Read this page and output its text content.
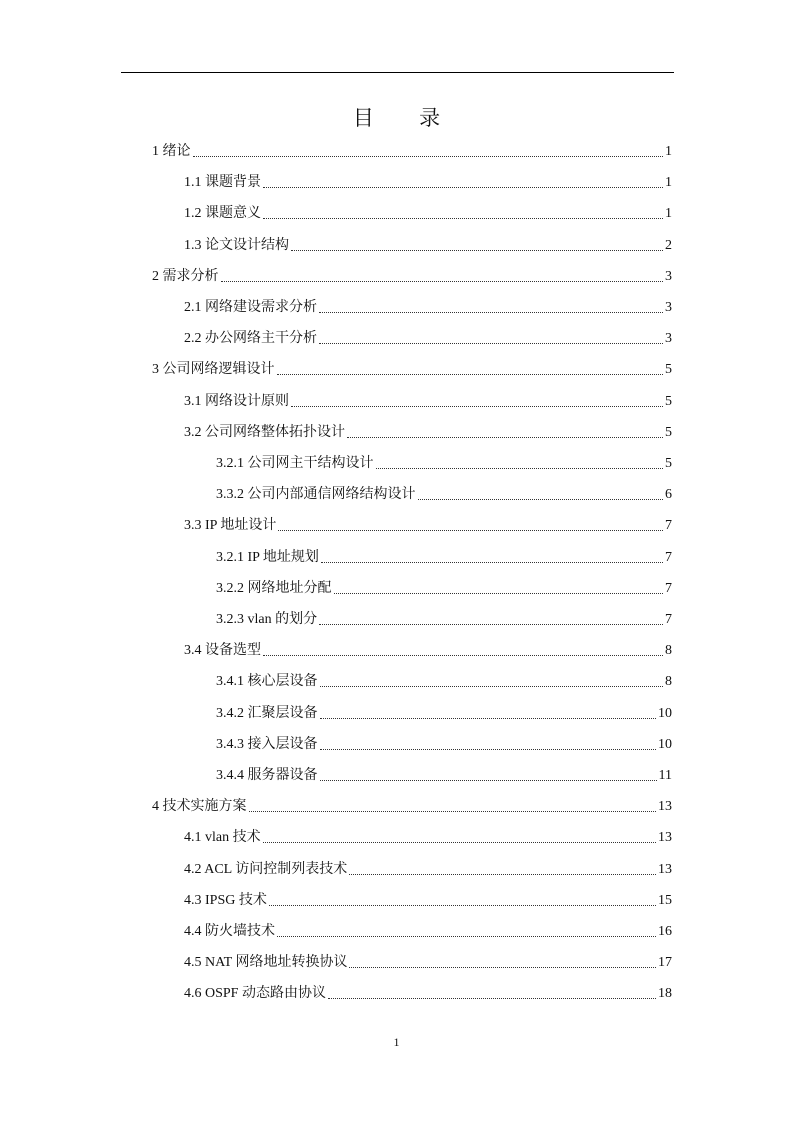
目 录
1 绪论	1
1.1 课题背景	1
1.2 课题意义	1
1.3 论文设计结构	2
2 需求分析	3
2.1 网络建设需求分析	3
2.2 办公网络主干分析	3
3 公司网络逻辑设计	5
3.1 网络设计原则	5
3.2 公司网络整体拓扑设计	5
3.2.1 公司网主干结构设计	5
3.3.2 公司内部通信网络结构设计	6
3.3 IP 地址设计	7
3.2.1 IP 地址规划	7
3.2.2 网络地址分配	7
3.2.3 vlan 的划分	7
3.4 设备选型	8
3.4.1 核心层设备	8
3.4.2 汇聚层设备	10
3.4.3 接入层设备	10
3.4.4 服务器设备	11
4 技术实施方案	13
4.1 vlan 技术	13
4.2 ACL 访问控制列表技术	13
4.3 IPSG 技术	15
4.4 防火墙技术	16
4.5 NAT 网络地址转换协议	17
4.6 OSPF 动态路由协议	18
1
